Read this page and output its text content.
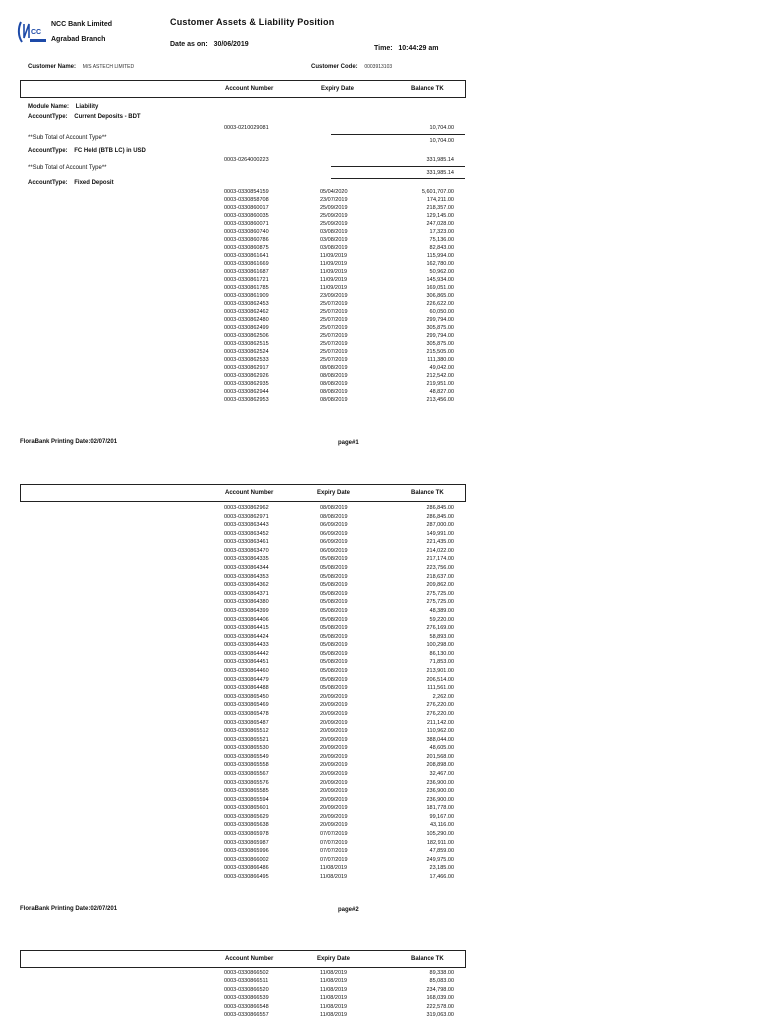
CC
NCC Bank Limited
Agrabad Branch
Customer Assets & Liability Position
Date as on: 30/06/2019
Time: 10:44:29 am
Customer Name: M/S ASTECH LIMITED	Customer Code: 0003913103
Account Number	Expiry Date	Balance TK
Module Name: Liability
AccountType: Current Deposits - BDT
0003-0210029081	10,704.00
**Sub Total of Account Type**	10,704.00
AccountType: FC Held (BTB LC) in USD
0003-0264000223	331,985.14
**Sub Total of Account Type**
331,985.14
AccountType: Fixed Deposit
0003-0330854159	05/04/2020	5,601,707.00
0003-0330858708	23/07/2019	174,211.00
0003-0330860017	25/09/2019	218,357.00
0003-0330860035	25/09/2019	129,145.00
0003-0330860071	25/09/2019	247,028.00
0003-0330860740	03/08/2019	17,323.00
0003-0330860786	03/08/2019	75,136.00
0003-0330860875	03/08/2019	82,843.00
0003-0330861641	11/09/2019	115,994.00
0003-0330861669	11/09/2019	162,780.00
0003-0330861687	11/09/2019	50,962.00
0003-0330861721	11/09/2019	145,934.00
0003-0330861785	11/09/2019	169,051.00
0003-0330861909	23/09/2019	306,865.00
0003-0330862453	25/07/2019	226,622.00
0003-0330862462	25/07/2019	60,050.00
0003-0330862480	25/07/2019	299,794.00
0003-0330862499	25/07/2019	305,875.00
0003-0330862506	25/07/2019	299,794.00
0003-0330862515	25/07/2019	305,875.00
0003-0330862524	25/07/2019	215,505.00
0003-0330862533	25/07/2019	111,380.00
0003-0330862917	08/08/2019	49,042.00
0003-0330862926	08/08/2019	212,542.00
0003-0330862935	08/08/2019	219,951.00
0003-0330862944	08/08/2019	48,827.00
0003-0330862953	08/08/2019	213,456.00
FloraBank Printing Date:02/07/201	page#1
Account Number	Expiry Date	Balance TK
0003-0330862962	08/08/2019	286,845.00
0003-0330862971	08/08/2019	286,845.00
0003-0330863443	06/09/2019	287,000.00
0003-0330863452	06/09/2019	149,991.00
0003-0330863461	06/09/2019	221,435.00
0003-0330863470	06/09/2019	214,022.00
0003-0330864335	05/08/2019	217,174.00
0003-0330864344	05/08/2019	223,756.00
0003-0330864353	05/08/2019	218,637.00
0003-0330864362	05/08/2019	209,862.00
0003-0330864371	05/08/2019	275,725.00
0003-0330864380	05/08/2019	275,725.00
0003-0330864399	05/08/2019	48,389.00
0003-0330864406	05/08/2019	59,220.00
0003-0330864415	05/08/2019	276,169.00
0003-0330864424	05/08/2019	58,893.00
0003-0330864433	05/08/2019	100,298.00
0003-0330864442	05/08/2019	86,130.00
0003-0330864451	05/08/2019	71,853.00
0003-0330864460	05/08/2019	213,901.00
0003-0330864479	05/08/2019	206,514.00
0003-0330864488	05/08/2019	111,561.00
0003-0330865450	20/09/2019	2,262.00
0003-0330865469	20/09/2019	276,220.00
0003-0330865478	20/09/2019	276,220.00
0003-0330865487	20/09/2019	211,142.00
0003-0330865512	20/09/2019	110,962.00
0003-0330865521	20/09/2019	388,044.00
0003-0330865530	20/09/2019	48,605.00
0003-0330865549	20/09/2019	201,568.00
0003-0330865558	20/09/2019	208,898.00
0003-0330865567	20/09/2019	32,467.00
0003-0330865576	20/09/2019	236,900.00
0003-0330865585	20/09/2019	236,900.00
0003-0330865594	20/09/2019	236,900.00
0003-0330865601	20/09/2019	181,778.00
0003-0330865629	20/09/2019	99,167.00
0003-0330865638	20/09/2019	43,116.00
0003-0330865978	07/07/2019	105,290.00
0003-0330865987	07/07/2019	182,911.00
0003-0330865996	07/07/2019	47,859.00
0003-0330866002	07/07/2019	249,975.00
0003-0330866486	11/08/2019	23,185.00
0003-0330866495	11/08/2019	17,466.00
FloraBank Printing Date:02/07/201	page#2
Account Number	Expiry Date	Balance TK
0003-0330866502	11/08/2019	89,338.00
0003-0330866511	11/08/2019	85,083.00
0003-0330866520	11/08/2019	234,798.00
0003-0330866539	11/08/2019	168,039.00
0003-0330866548	11/08/2019	222,578.00
0003-0330866557	11/08/2019	319,063.00
